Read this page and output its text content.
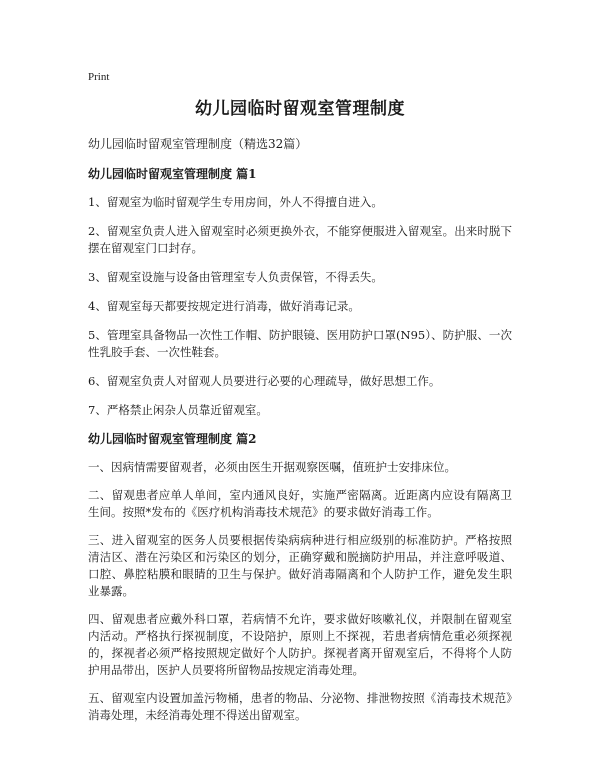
Print
幼儿园临时留观室管理制度
幼儿园临时留观室管理制度（精选32篇）
幼儿园临时留观室管理制度 篇1

1、留观室为临时留观学生专用房间，外人不得擅自进入。

2、留观室负责人进入留观室时必须更换外衣，不能穿便服进入留观室。出来时脱下摆在留观室门口封存。

3、留观室设施与设备由管理室专人负责保管，不得丢失。

4、留观室每天都要按规定进行消毒，做好消毒记录。

5、管理室具备物品一次性工作帽、防护眼镜、医用防护口罩(N95）、防护服、一次性乳胶手套、一次性鞋套。

6、留观室负责人对留观人员要进行必要的心理疏导，做好思想工作。

7、严格禁止闲杂人员靠近留观室。

幼儿园临时留观室管理制度 篇2

一、因病情需要留观者，必须由医生开据观察医嘱，值班护士安排床位。

二、留观患者应单人单间，室内通风良好，实施严密隔离。近距离内应设有隔离卫生间。按照*发布的《医疗机构消毒技术规范》的要求做好消毒工作。

三、进入留观室的医务人员要根据传染病病种进行相应级别的标准防护。严格按照清洁区、潜在污染区和污染区的划分，正确穿戴和脱摘防护用品，并注意呼吸道、口腔、鼻腔粘膜和眼睛的卫生与保护。做好消毒隔离和个人防护工作，避免发生职业暴露。

四、留观患者应戴外科口罩，若病情不允许，要求做好咳嗽礼仪，并限制在留观室内活动。严格执行探视制度，不设陪护，原则上不探视，若患者病情危重必须探视的，探视者必须严格按照规定做好个人防护。探视者离开留观室后，不得将个人防护用品带出，医护人员要将所留物品按规定消毒处理。

五、留观室内设置加盖污物桶，患者的物品、分泌物、排泄物按照《消毒技术规范》消毒处理，未经消毒处理不得送出留观室。
